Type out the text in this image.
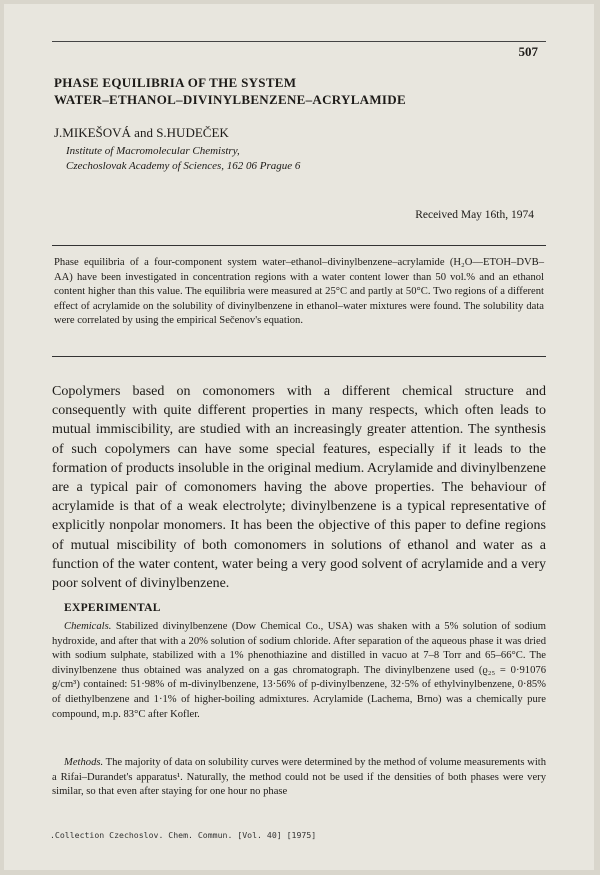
507
PHASE EQUILIBRIA OF THE SYSTEM
WATER–ETHANOL–DIVINYLBENZENE–ACRYLAMIDE
J.MIKEŠOVÁ and S.HUDEČEK
Institute of Macromolecular Chemistry,
Czechoslovak Academy of Sciences, 162 06 Prague 6
Received May 16th, 1974
Phase equilibria of a four-component system water–ethanol–divinylbenzene–acrylamide (H₂O––ETOH–DVB–AA) have been investigated in concentration regions with a water content lower than 50 vol.% and an ethanol content higher than this value. The equilibria were measured at 25°C and partly at 50°C. Two regions of a different effect of acrylamide on the solubility of divinylbenzene in ethanol–water mixtures were found. The solubility data were correlated by using the empirical Sečenov's equation.
Copolymers based on comonomers with a different chemical structure and consequently with quite different properties in many respects, which often leads to mutual immiscibility, are studied with an increasingly greater attention. The synthesis of such copolymers can have some special features, especially if it leads to the formation of products insoluble in the original medium. Acrylamide and divinylbenzene are a typical pair of comonomers having the above properties. The behaviour of acrylamide is that of a weak electrolyte; divinylbenzene is a typical representative of explicitly nonpolar monomers. It has been the objective of this paper to define regions of mutual miscibility of both comonomers in solutions of ethanol and water as a function of the water content, water being a very good solvent of acrylamide and a very poor solvent of divinylbenzene.
EXPERIMENTAL
Chemicals. Stabilized divinylbenzene (Dow Chemical Co., USA) was shaken with a 5% solution of sodium hydroxide, and after that with a 20% solution of sodium chloride. After separation of the aqueous phase it was dried with sodium sulphate, stabilized with a 1% phenothiazine and distilled in vacuo at 7–8 Torr and 65–66°C. The divinylbenzene thus obtained was analyzed on a gas chromatograph. The divinylbenzene used (ϱ₂₅ = 0·91076 g/cm³) contained: 51·98% of m-divinylbenzene, 13·56% of p-divinylbenzene, 32·5% of ethylvinylbenzene, 0·85% of diethylbenzene and 1·1% of higher-boiling admixtures. Acrylamide (Lachema, Brno) was a chemically pure compound, m.p. 83°C after Kofler.
Methods. The majority of data on solubility curves were determined by the method of volume measurements with a Rifai–Durandet's apparatus¹. Naturally, the method could not be used if the densities of both phases were very similar, so that even after staying for one hour no phase
.Collection Czechoslov. Chem. Commun. [Vol. 40] [1975]
